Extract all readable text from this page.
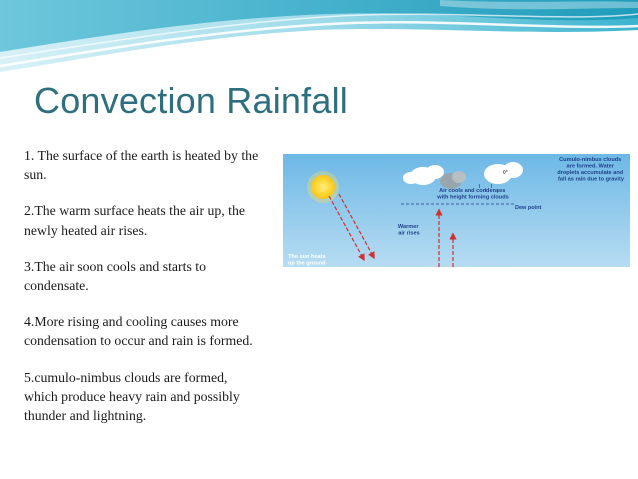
Convection Rainfall

1. The surface of the earth is heated by the sun.

2.The warm surface heats the air up, the newly heated air rises.

3.The air soon cools and starts to condensate.

4.More rising and cooling causes more condensation to occur and rain is formed.

5.cumulo-nimbus clouds are formed, which produce heavy rain and possibly thunder and lightning.

0°
Dew point
Cumulo-nimbus clouds are formed. Water droplets accumulate and fall as rain due to gravity
Air cools and condenses with height forming clouds
Warmer air rises
The sun heats up the ground
